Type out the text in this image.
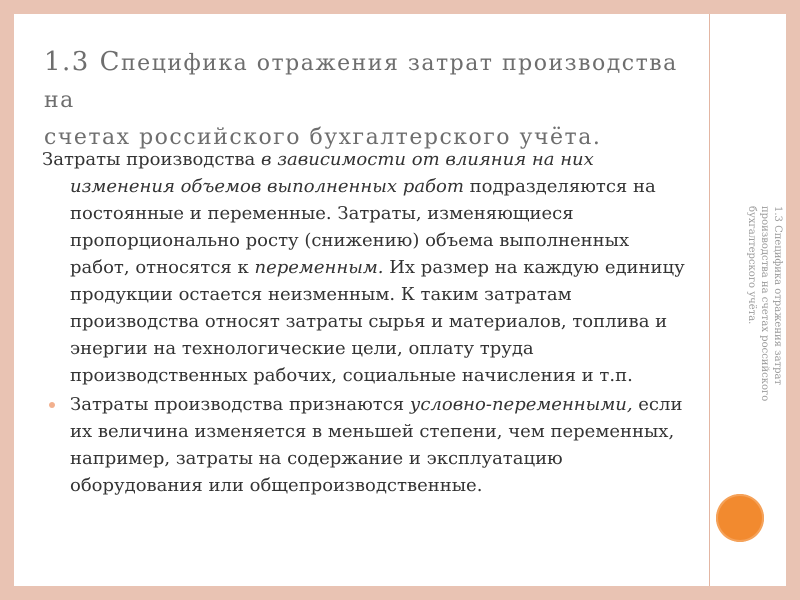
1.3 Специфика отражения затрат производства на
счетах российского бухгалтерского учёта.

Затраты производства в зависимости от влияния на них изменения объемов выполненных работ подразделяются на постоянные и переменные. Затраты, изменяющиеся пропорционально росту (снижению) объема выполненных работ, относятся к переменным. Их размер на каждую единицу продукции остается неизменным. К таким затратам производства относят затраты сырья и материалов, топлива и энергии на технологические цели, оплату труда производственных рабочих, социальные начисления и т.п.

Затраты производства признаются условно-переменными, если их величина изменяется в меньшей степени, чем переменных, например, затраты на содержание и эксплуатацию оборудования или общепроизводственные.
1.3 Специфика отражения затрат производства на счетах российского бухгалтерского учёта.
